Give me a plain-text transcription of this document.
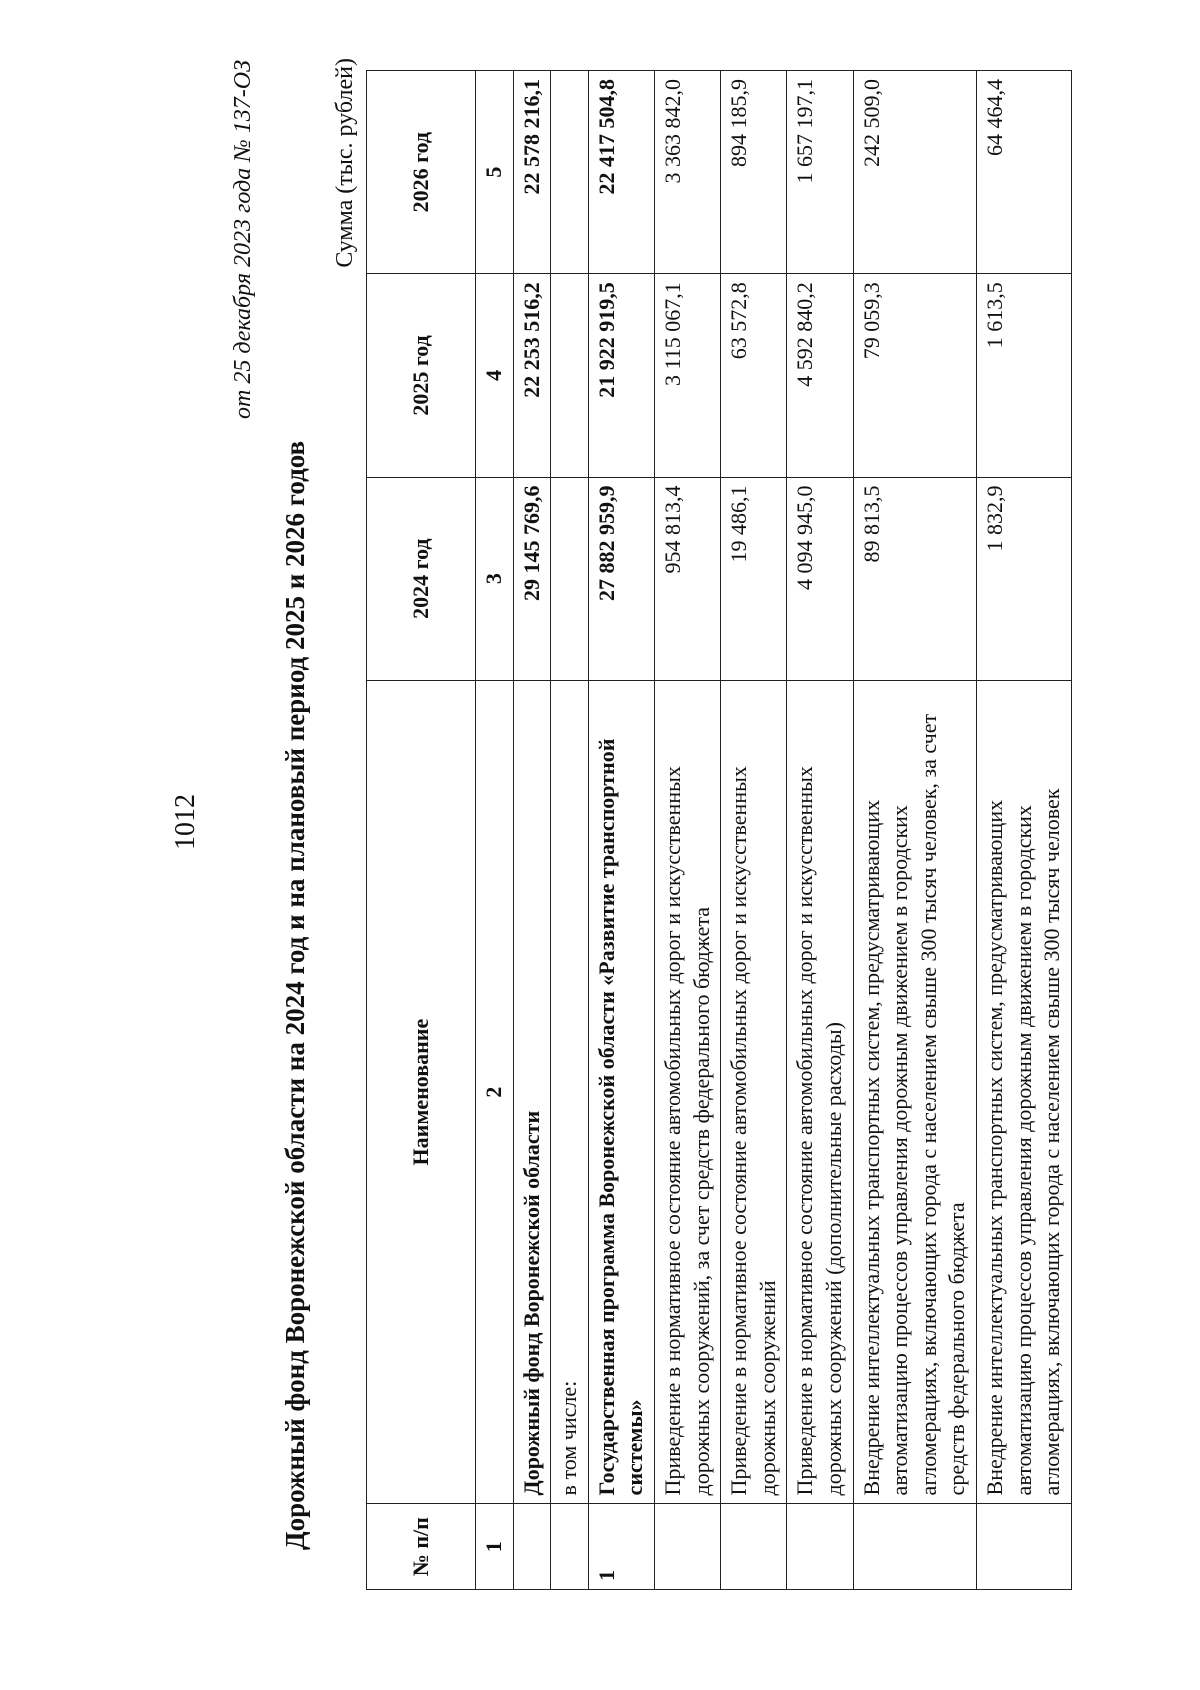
1012
от 25 декабря 2023 года № 137-ОЗ
Дорожный фонд Воронежской области на 2024 год и на плановый период 2025 и 2026 годов
Сумма (тыс. рублей)
№ п/п	Наименование	2024 год	2025 год	2026 год
1	2	3	4	5
	Дорожный фонд Воронежской области	29 145 769,6	22 253 516,2	22 578 216,1
	в том числе:			
1	Государственная программа Воронежской области «Развитие транспортной системы»	27 882 959,9	21 922 919,5	22 417 504,8
	Приведение в нормативное состояние автомобильных дорог и искусственных дорожных сооружений, за счет средств федерального бюджета	954 813,4	3 115 067,1	3 363 842,0
	Приведение в нормативное состояние автомобильных дорог и искусственных дорожных сооружений	19 486,1	63 572,8	894 185,9
	Приведение в нормативное состояние автомобильных дорог и искусственных дорожных сооружений (дополнительные расходы)	4 094 945,0	4 592 840,2	1 657 197,1
	Внедрение интеллектуальных транспортных систем, предусматривающих автоматизацию процессов управления дорожным движением в городских агломерациях, включающих города с населением свыше 300 тысяч человек, за счет средств федерального бюджета	89 813,5	79 059,3	242 509,0
	Внедрение интеллектуальных транспортных систем, предусматривающих автоматизацию процессов управления дорожным движением в городских агломерациях, включающих города с населением свыше 300 тысяч человек	1 832,9	1 613,5	64 464,4
